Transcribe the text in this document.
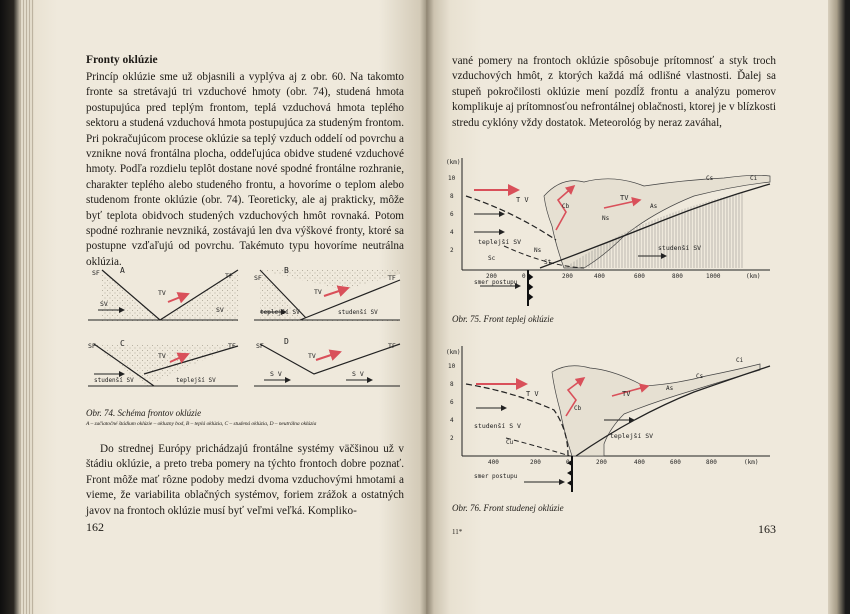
Fronty oklúzie

Princíp oklúzie sme už objasnili a vyplýva aj z obr. 60. Na takomto fronte sa stretávajú tri vzduchové hmoty (obr. 74), studená hmota postupujúca pred teplým frontom, teplá vzduchová hmota teplého sektoru a studená vzduchová hmota postupujúca za studeným frontom. Pri pokračujúcom procese oklúzie sa teplý vzduch oddelí od povrchu a vznikne nová frontálna plocha, oddeľujúca obidve studené vzduchové hmoty. Podľa rozdielu teplôt dostane nové spodné frontálne rozhranie, charakter teplého alebo studeného frontu, a hovoríme o teplom alebo studenom fronte oklúzie (obr. 74). Teoreticky, ale aj prakticky, môže byť teplota obidvoch studených vzduchových hmôt rovnaká. Potom spodné rozhranie nevzniká, zostávajú len dva výškové fronty, ktoré sa postupne vzďaľujú od povrchu. Takémuto typu hovoríme neutrálna oklúzia.

SF	A
TF
TV
SV
SV
SF
B
TF
TV
teplejší SV	studenší SV
SF	C	TF
TV
studenší SV	teplejší SV
SF	D	TF
TV
S V	S V
Obr. 74. Schéma frontov oklúzie
A – začiatočné štádium oklúzie – okluzny bod, B – teplá oklúzia, C – studená oklúzia, D – neutrálna oklúzia

Do strednej Európy prichádzajú frontálne systémy väčšinou už v štádiu oklúzie, a preto treba pomery na týchto frontoch dobre poznať. Front môže mať rôzne podoby medzi dvoma vzduchovými hmotami a vieme, že variabilita oblačných systémov, foriem zrážok a ostatných javov na frontoch oklúzie musí byť veľmi veľká. Kompliko-

162

vané pomery na frontoch oklúzie spôsobuje prítomnosť a styk troch vzduchových hmôt, z ktorých každá má odlišné vlastnosti. Ďalej sa stupeň pokročilosti oklúzie mení pozdĺž frontu a analýzu pomerov komplikuje aj prítomnosťou nefrontálnej oblačnosti, ktorej je v blízkosti stredu cyklóny vždy dostatok. Meteorológ by neraz zaváhal,

(km)
10
8
6
4
2
200	0	200	400	600	800	1000	(km)
Ci
Cs
As
Ns
Cb
Sc
St
Ns
T V	TV
teplejší SV
studenší SV
smer postupu
Obr. 75. Front teplej oklúzie
(km)
10
8
6
4
2
400	200	0	200	400	600	800	(km)
Ci
Cs
As
Cb
Cu
T V	TV
studenší S V
teplejší SV
smer postupu
Obr. 76. Front studenej oklúzie
11*	163
